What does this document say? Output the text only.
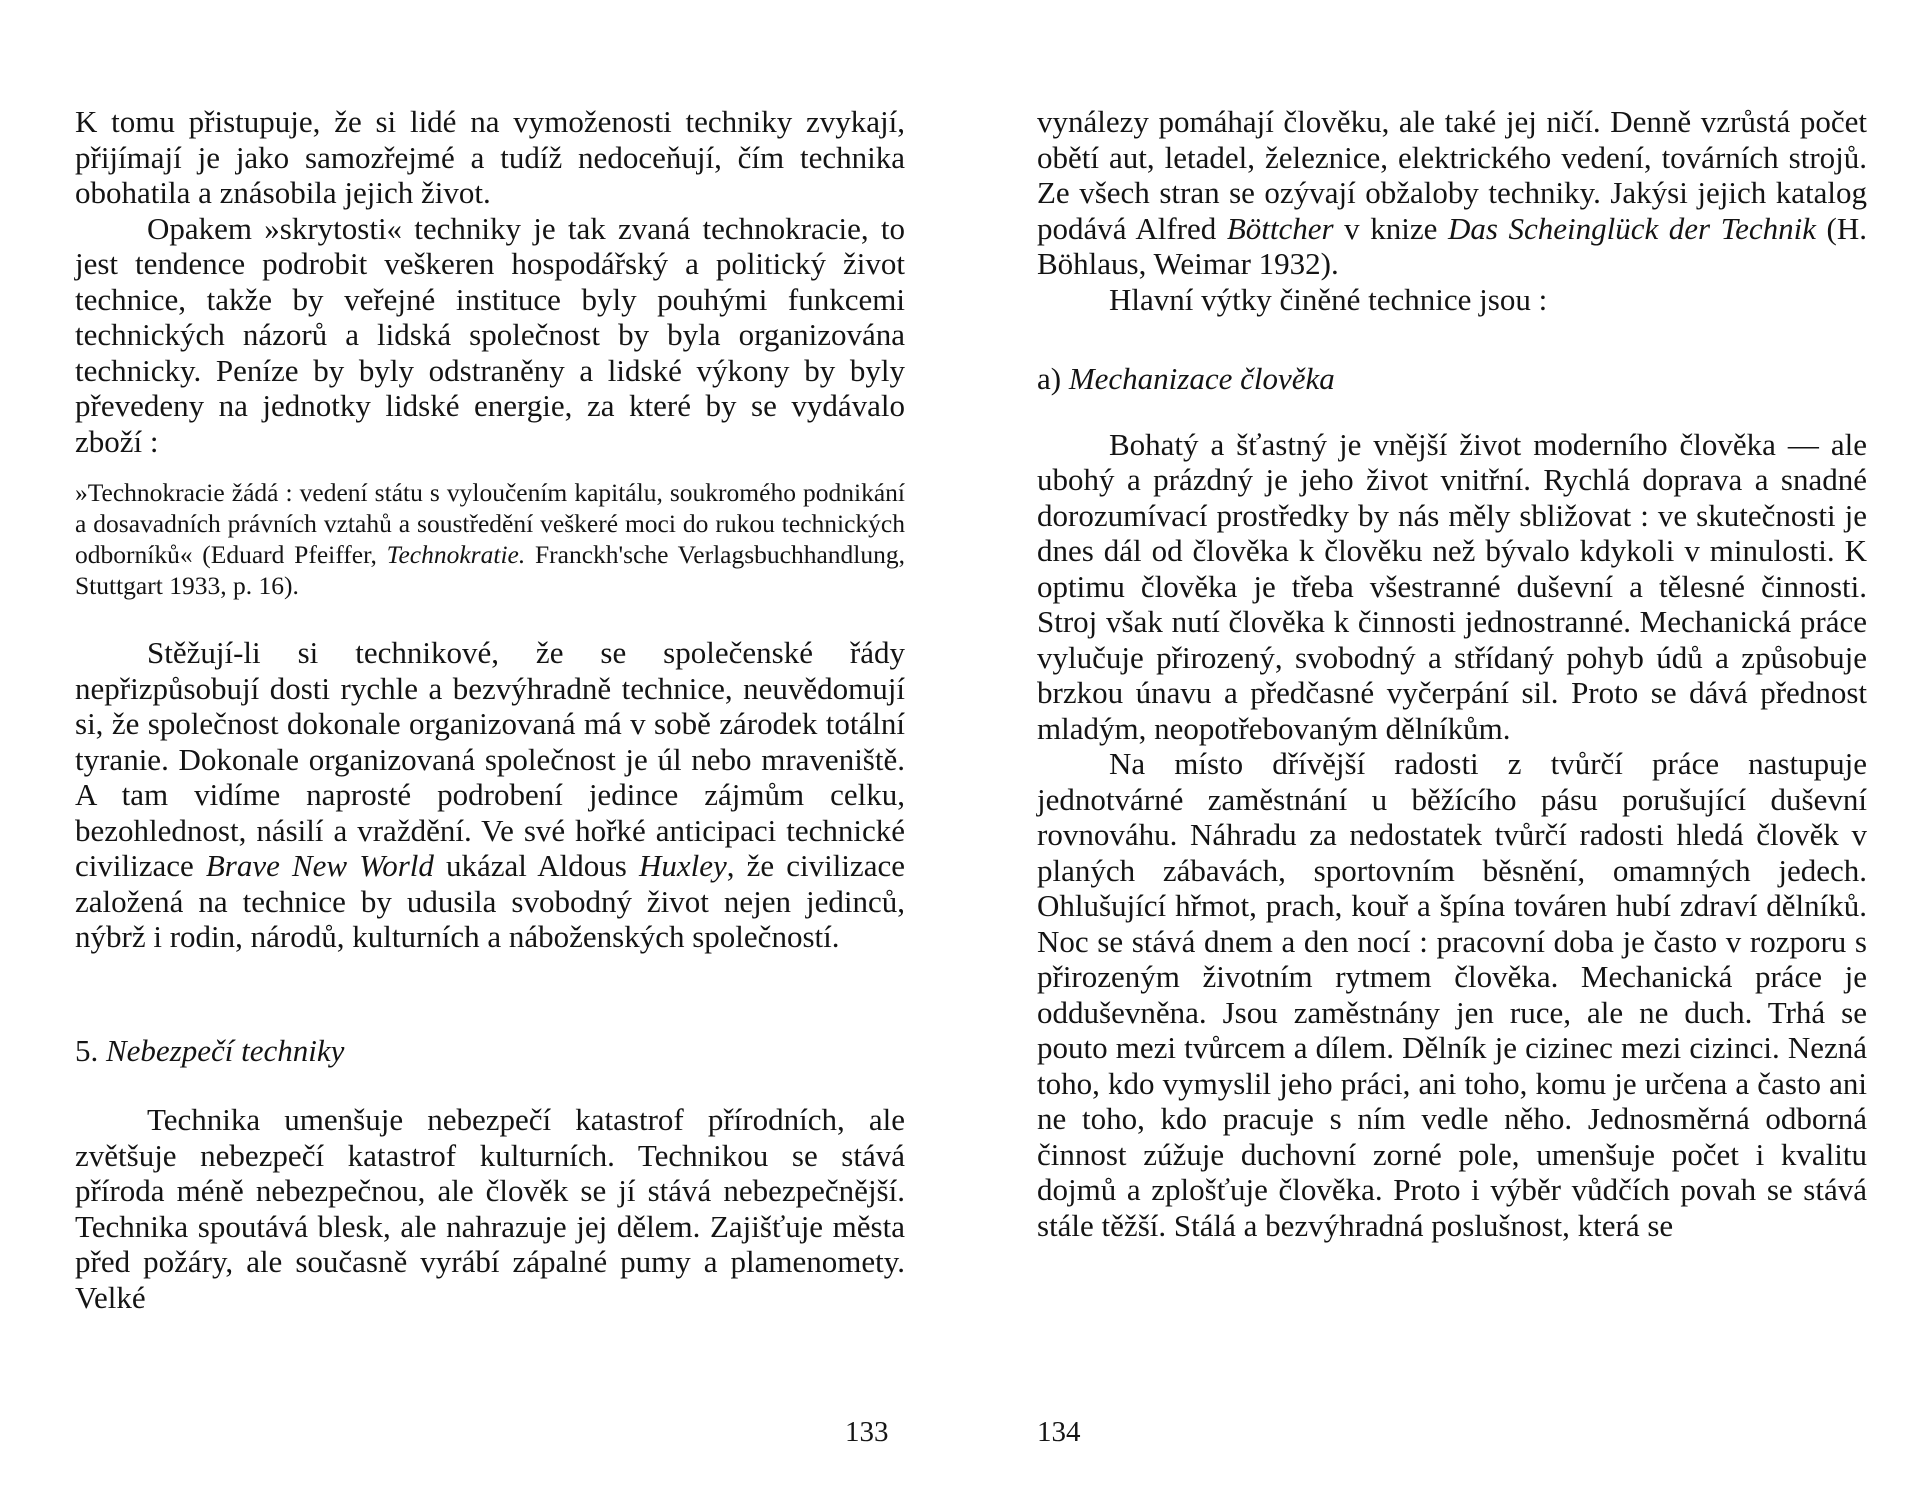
K tomu přistupuje, že si lidé na vymoženosti techniky zvykají, přijímají je jako samozřejmé a tudíž nedoceňují, čím technika obohatila a znásobila jejich život.

Opakem »skrytosti« techniky je tak zvaná technokracie, to jest tendence podrobit veškeren hospodářský a politický život technice, takže by veřejné instituce byly pouhými funkcemi technických názorů a lidská společnost by byla organizována technicky. Peníze by byly odstraněny a lidské výkony by byly převedeny na jednotky lidské energie, za které by se vydávalo zboží :

»Technokracie žádá : vedení státu s vyloučením kapitálu, soukromého podnikání a dosavadních právních vztahů a soustředění veškeré moci do rukou technických odborníků« (Eduard Pfeiffer, Technokratie. Franckh'sche Verlagsbuchhandlung, Stuttgart 1933, p. 16).

Stěžují-li si technikové, že se společenské řády nepřizpůsobují dosti rychle a bezvýhradně technice, neuvědomují si, že společnost dokonale organizovaná má v sobě zárodek totální tyranie. Dokonale organizovaná společnost je úl nebo mraveniště. A tam vidíme naprosté podrobení jedince zájmům celku, bezohlednost, násilí a vraždění. Ve své hořké anticipaci technické civilizace Brave New World ukázal Aldous Huxley, že civilizace založená na technice by udusila svobodný život nejen jedinců, nýbrž i rodin, národů, kulturních a náboženských společností.

5. Nebezpečí techniky

Technika umenšuje nebezpečí katastrof přírodních, ale zvětšuje nebezpečí katastrof kulturních. Technikou se stává příroda méně nebezpečnou, ale člověk se jí stává nebezpečnější. Technika spoutává blesk, ale nahrazuje jej dělem. Zajišťuje města před požáry, ale současně vyrábí zápalné pumy a plamenomety. Velké

133

vynálezy pomáhají člověku, ale také jej ničí. Denně vzrůstá počet obětí aut, letadel, železnice, elektrického vedení, továrních strojů. Ze všech stran se ozývají obžaloby techniky. Jakýsi jejich katalog podává Alfred Böttcher v knize Das Scheinglück der Technik (H. Böhlaus, Weimar 1932).

Hlavní výtky činěné technice jsou :

a) Mechanizace člověka

Bohatý a šťastný je vnější život moderního člověka — ale ubohý a prázdný je jeho život vnitřní. Rychlá doprava a snadné dorozumívací prostředky by nás měly sbližovat : ve skutečnosti je dnes dál od člověka k člověku než bývalo kdykoli v minulosti. K optimu člověka je třeba všestranné duševní a tělesné činnosti. Stroj však nutí člověka k činnosti jednostranné. Mechanická práce vylučuje přirozený, svobodný a střídaný pohyb údů a způsobuje brzkou únavu a předčasné vyčerpání sil. Proto se dává přednost mladým, neopotřebovaným dělníkům.

Na místo dřívější radosti z tvůrčí práce nastupuje jednotvárné zaměstnání u běžícího pásu porušující duševní rovnováhu. Náhradu za nedostatek tvůrčí radosti hledá člověk v planých zábavách, sportovním běsnění, omamných jedech. Ohlušující hřmot, prach, kouř a špína továren hubí zdraví dělníků. Noc se stává dnem a den nocí : pracovní doba je často v rozporu s přirozeným životním rytmem člověka. Mechanická práce je odduševněna. Jsou zaměstnány jen ruce, ale ne duch. Trhá se pouto mezi tvůrcem a dílem. Dělník je cizinec mezi cizinci. Nezná toho, kdo vymyslil jeho práci, ani toho, komu je určena a často ani ne toho, kdo pracuje s ním vedle něho. Jednosměrná odborná činnost zúžuje duchovní zorné pole, umenšuje počet i kvalitu dojmů a zplošťuje člověka. Proto i výběr vůdčích povah se stává stále těžší. Stálá a bezvýhradná poslušnost, která se

134
